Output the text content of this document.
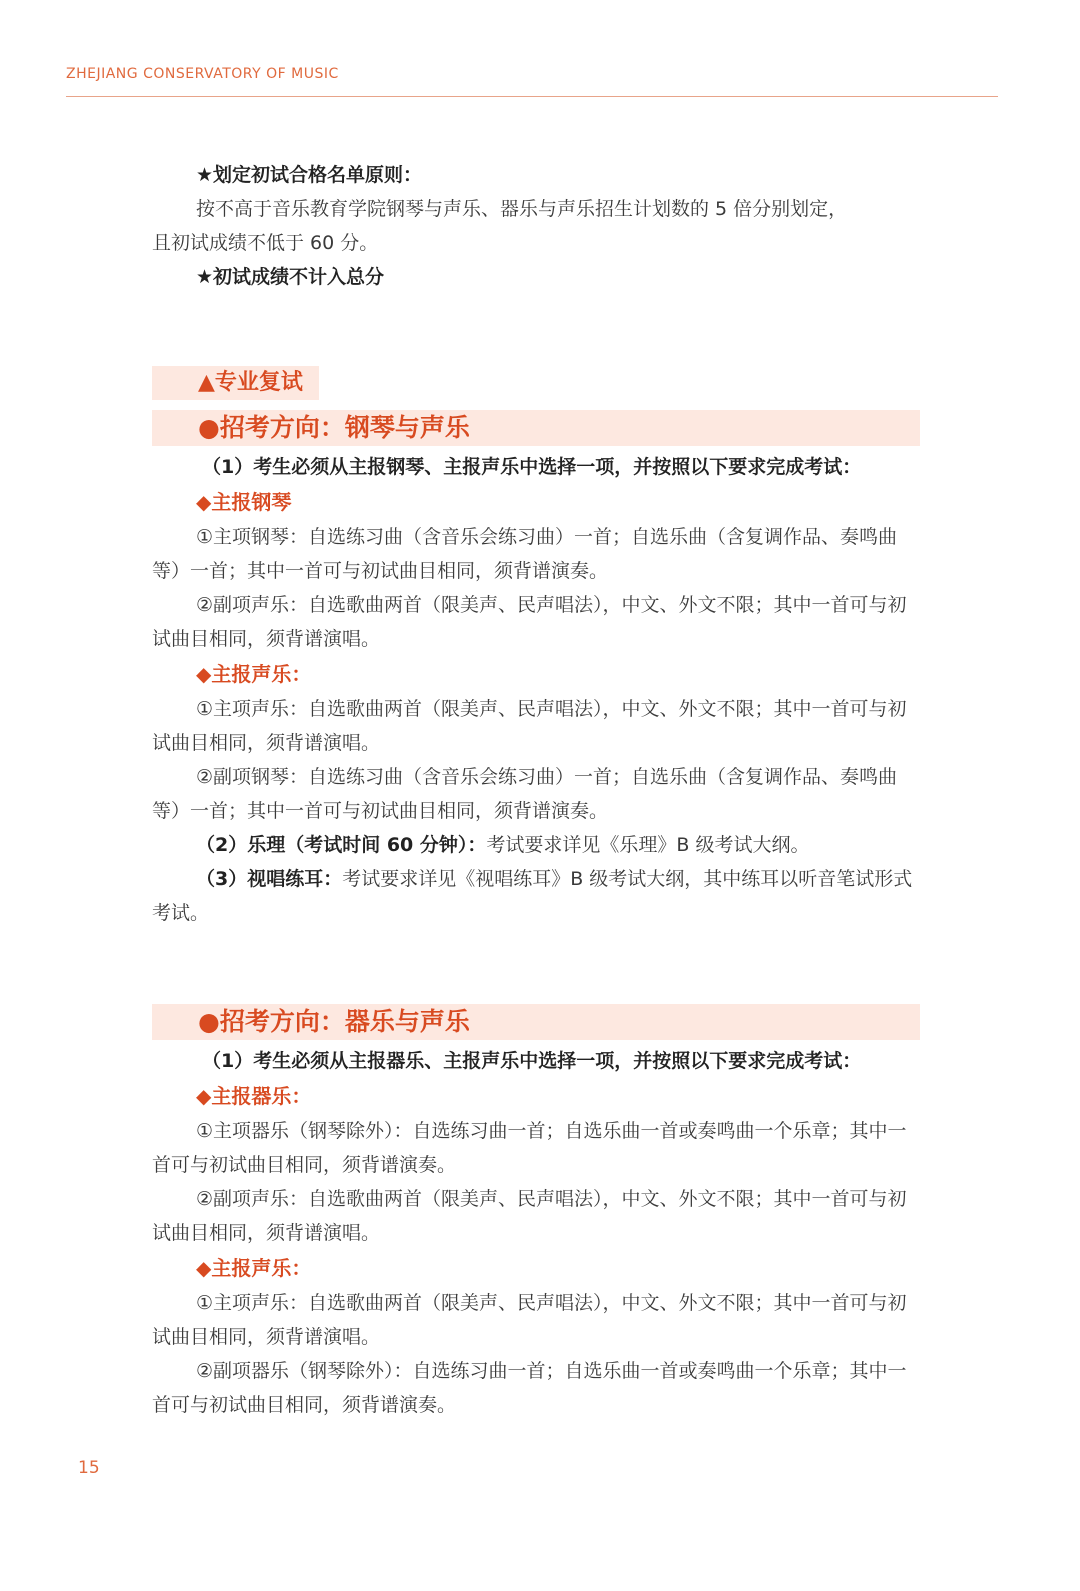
ZHEJIANG CONSERVATORY OF MUSIC

★划定初试合格名单原则：

按不高于音乐教育学院钢琴与声乐、器乐与声乐招生计划数的 5 倍分别划定，

且初试成绩不低于 60 分。

★初试成绩不计入总分

▲专业复试
●招考方向：钢琴与声乐

（1）考生必须从主报钢琴、主报声乐中选择一项，并按照以下要求完成考试：

◆主报钢琴

①主项钢琴：自选练习曲（含音乐会练习曲）一首；自选乐曲（含复调作品、奏鸣曲等）一首；其中一首可与初试曲目相同，须背谱演奏。

②副项声乐：自选歌曲两首（限美声、民声唱法），中文、外文不限；其中一首可与初试曲目相同，须背谱演唱。

◆主报声乐：

①主项声乐：自选歌曲两首（限美声、民声唱法），中文、外文不限；其中一首可与初试曲目相同，须背谱演唱。

②副项钢琴：自选练习曲（含音乐会练习曲）一首；自选乐曲（含复调作品、奏鸣曲等）一首；其中一首可与初试曲目相同，须背谱演奏。

（2）乐理（考试时间 60 分钟）：考试要求详见《乐理》B 级考试大纲。

（3）视唱练耳：考试要求详见《视唱练耳》B 级考试大纲，其中练耳以听音笔试形式考试。

●招考方向：器乐与声乐

（1）考生必须从主报器乐、主报声乐中选择一项，并按照以下要求完成考试：

◆主报器乐：

①主项器乐（钢琴除外）：自选练习曲一首；自选乐曲一首或奏鸣曲一个乐章；其中一首可与初试曲目相同，须背谱演奏。

②副项声乐：自选歌曲两首（限美声、民声唱法），中文、外文不限；其中一首可与初试曲目相同，须背谱演唱。

◆主报声乐：

①主项声乐：自选歌曲两首（限美声、民声唱法），中文、外文不限；其中一首可与初试曲目相同，须背谱演唱。

②副项器乐（钢琴除外）：自选练习曲一首；自选乐曲一首或奏鸣曲一个乐章；其中一首可与初试曲目相同，须背谱演奏。

15
